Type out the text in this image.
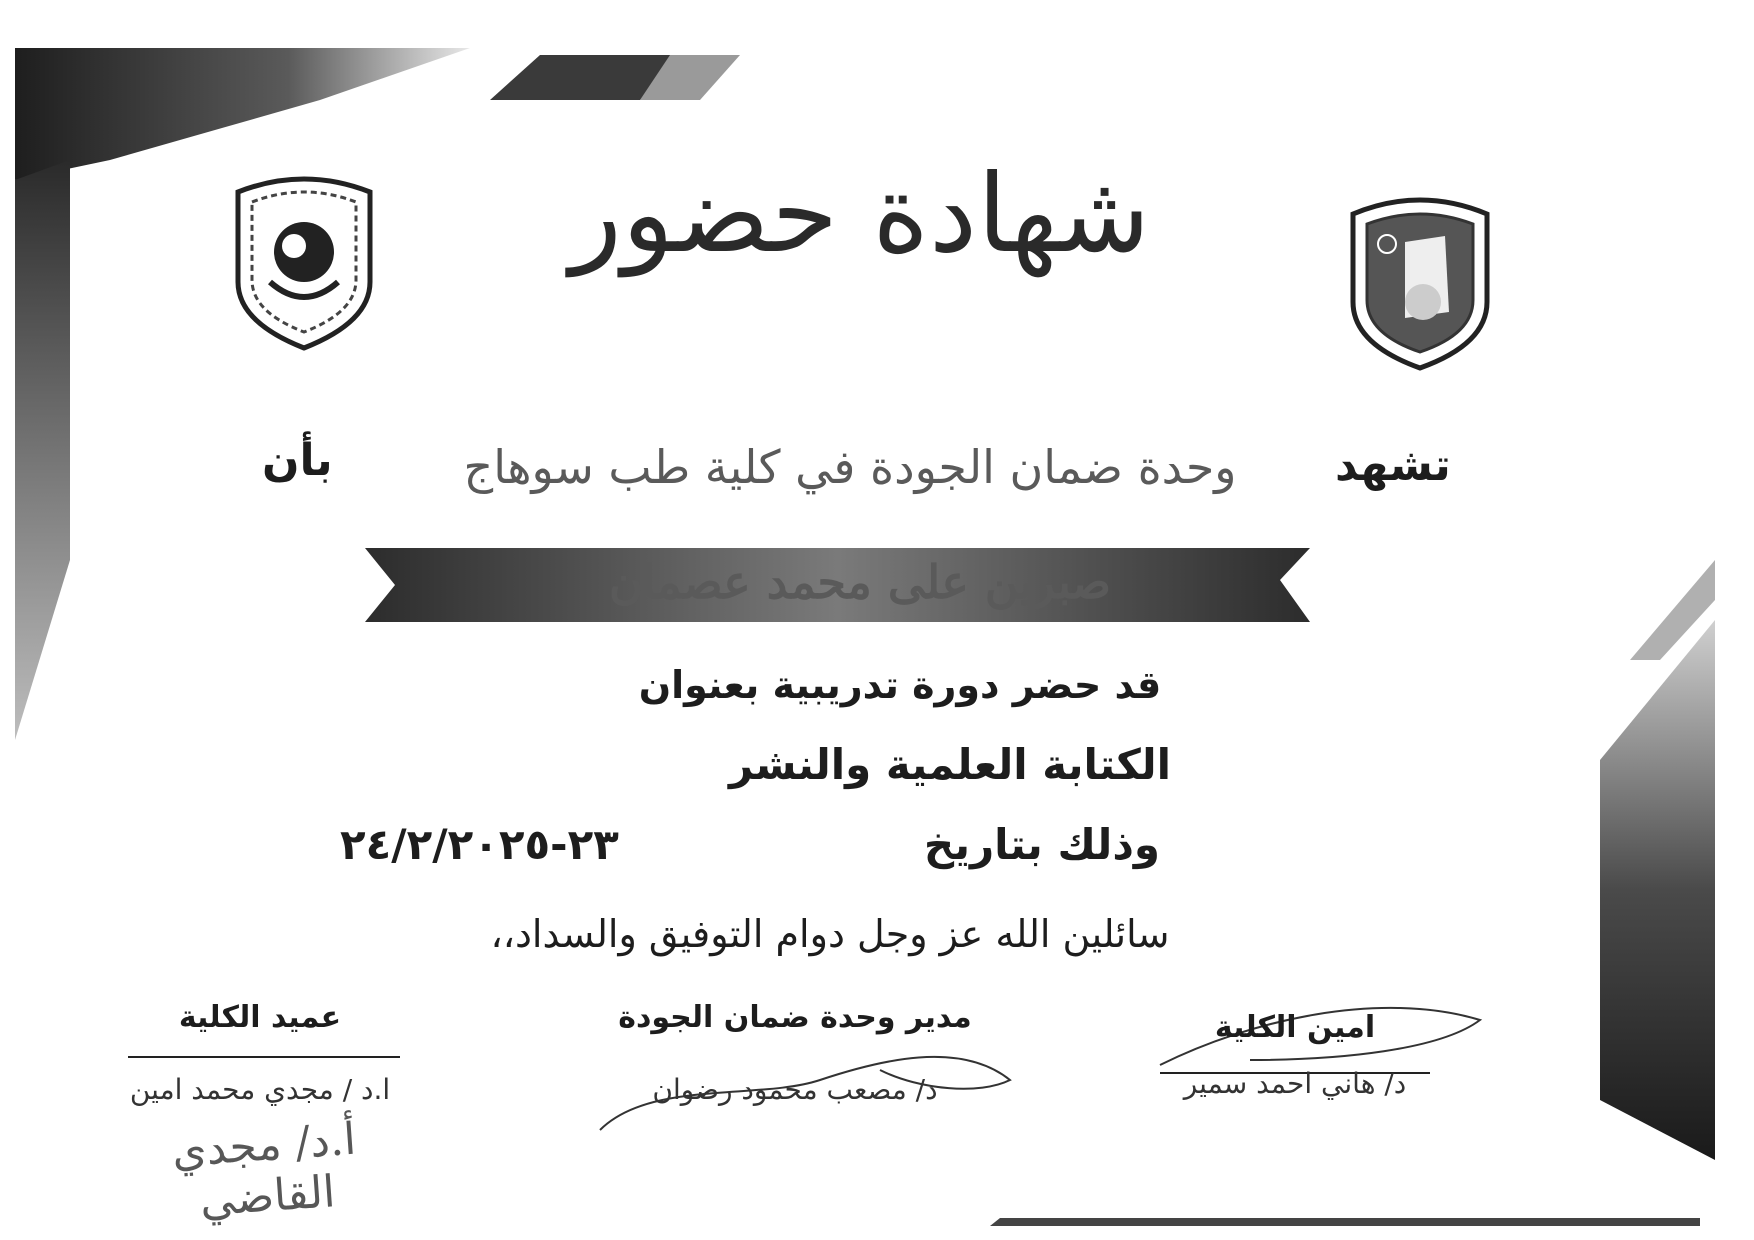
شهادة حضور
تشهد
وحدة ضمان الجودة في كلية طب سوهاج
بأن
صبرين على محمد عصمان
قد حضر دورة تدريبية بعنوان
الكتابة العلمية والنشر
وذلك بتاريخ
٢٣-٢٤/٢/٢٠٢٥
سائلين الله عز وجل دوام التوفيق والسداد،،
امين الكلية
د/ هاني احمد سمير
مدير وحدة ضمان الجودة
د/ مصعب محمود رضوان
عميد الكلية
ا.د / مجدي محمد امين
أ.د/ مجدي القاضي
